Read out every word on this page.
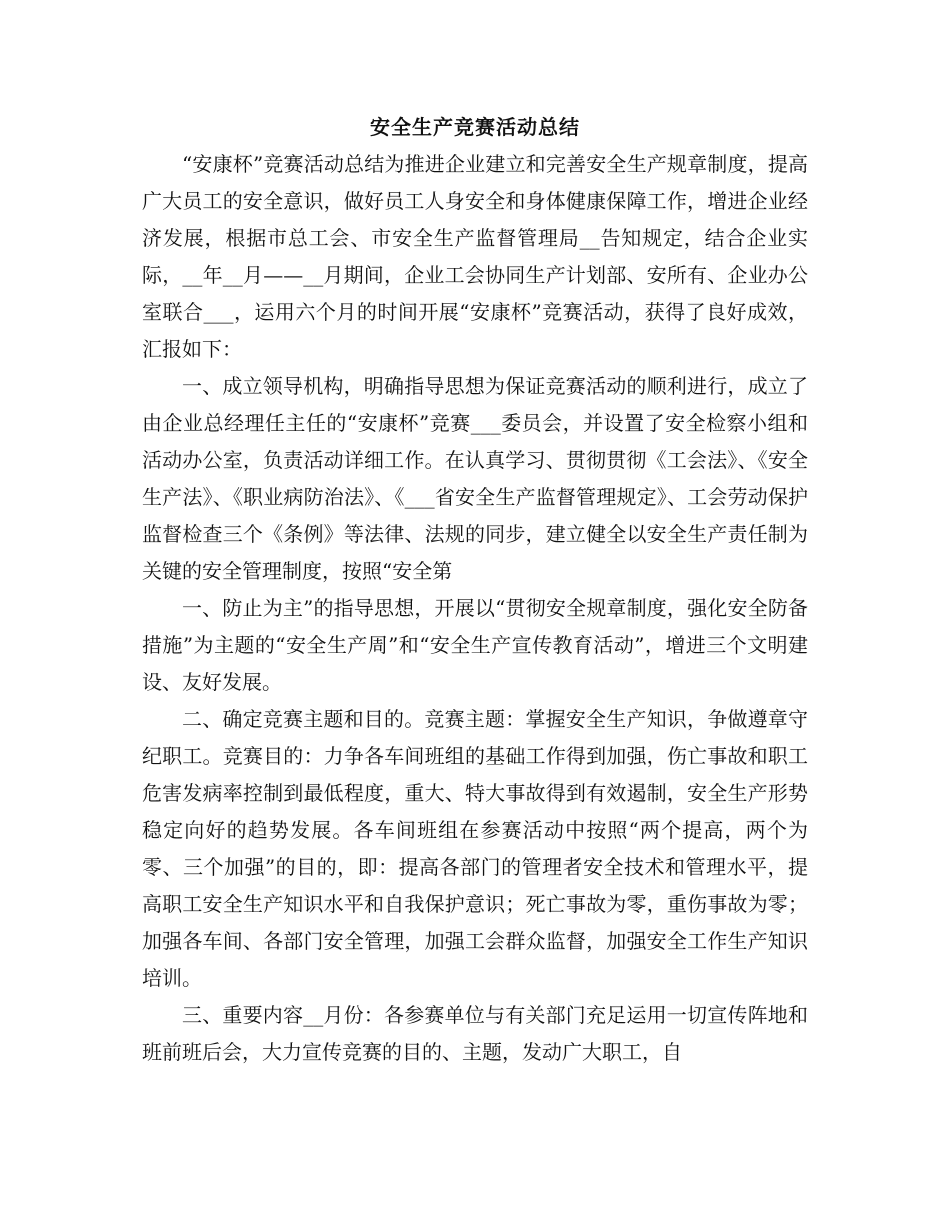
安全生产竞赛活动总结

“安康杯”竞赛活动总结为推进企业建立和完善安全生产规章制度，提高广大员工的安全意识，做好员工人身安全和身体健康保障工作，增进企业经济发展，根据市总工会、市安全生产监督管理局__告知规定，结合企业实际，__年__月——__月期间，企业工会协同生产计划部、安所有、企业办公室联合___，运用六个月的时间开展“安康杯”竞赛活动，获得了良好成效，汇报如下：

一、成立领导机构，明确指导思想为保证竞赛活动的顺利进行，成立了由企业总经理任主任的“安康杯”竞赛___委员会，并设置了安全检察小组和活动办公室，负责活动详细工作。在认真学习、贯彻贯彻《工会法》、《安全生产法》、《职业病防治法》、《___省安全生产监督管理规定》、工会劳动保护监督检查三个《条例》等法律、法规的同步，建立健全以安全生产责任制为关键的安全管理制度，按照“安全第

一、防止为主”的指导思想，开展以“贯彻安全规章制度，强化安全防备措施”为主题的“安全生产周”和“安全生产宣传教育活动”，增进三个文明建设、友好发展。

二、确定竞赛主题和目的。竞赛主题：掌握安全生产知识，争做遵章守纪职工。竞赛目的：力争各车间班组的基础工作得到加强，伤亡事故和职工危害发病率控制到最低程度，重大、特大事故得到有效遏制，安全生产形势稳定向好的趋势发展。各车间班组在参赛活动中按照“两个提高，两个为零、三个加强”的目的，即：提高各部门的管理者安全技术和管理水平，提高职工安全生产知识水平和自我保护意识；死亡事故为零，重伤事故为零；加强各车间、各部门安全管理，加强工会群众监督，加强安全工作生产知识培训。

三、重要内容__月份：各参赛单位与有关部门充足运用一切宣传阵地和班前班后会，大力宣传竞赛的目的、主题，发动广大职工，自
